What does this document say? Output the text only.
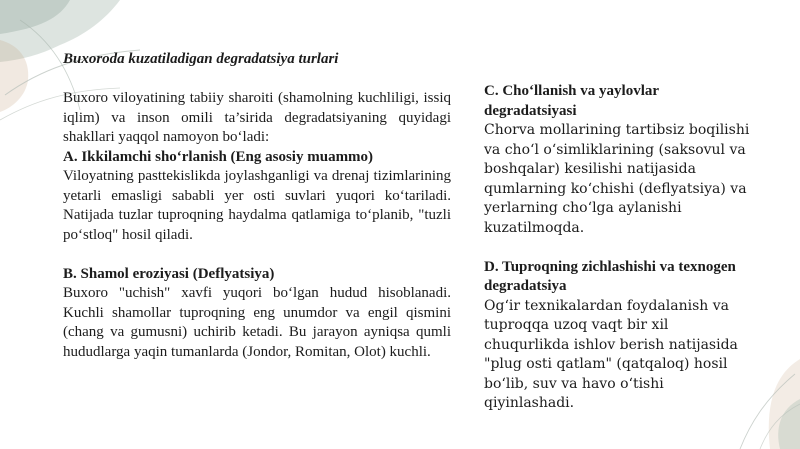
Buxoroda kuzatiladigan degradatsiya turlari

Buxoro viloyatining tabiiy sharoiti (shamolning kuchliligi, issiq iqlim) va inson omili ta’sirida degradatsiyaning quyidagi shakllari yaqqol namoyon bo‘ladi:

A. Ikkilamchi sho‘rlanish (Eng asosiy muammo)

Viloyatning pasttekislikda joylashganligi va drenaj tizimlarining yetarli emasligi sababli yer osti suvlari yuqori ko‘tariladi. Natijada tuzlar tuproqning haydalma qatlamiga to‘planib, "tuzli po‘stloq" hosil qiladi.

B. Shamol eroziyasi (Deflyatsiya)

Buxoro "uchish" xavfi yuqori bo‘lgan hudud hisoblanadi. Kuchli shamollar tuproqning eng unumdor va engil qismini (chang va gumusni) uchirib ketadi. Bu jarayon ayniqsa qumli hududlarga yaqin tumanlarda (Jondor, Romitan, Olot) kuchli.

C. Cho‘llanish va yaylovlar degradatsiyasi

Chorva mollarining tartibsiz boqilishi va cho‘l o‘simliklarining (saksovul va boshqalar) kesilishi natijasida qumlarning ko‘chishi (deflyatsiya) va yerlarning cho‘lga aylanishi kuzatilmoqda.

D. Tuproqning zichlashishi va texnogen degradatsiya

Og‘ir texnikalardan foydalanish va tuproqqa uzoq vaqt bir xil chuqurlikda ishlov berish natijasida "plug osti qatlam" (qatqaloq) hosil bo‘lib, suv va havo o‘tishi qiyinlashadi.
